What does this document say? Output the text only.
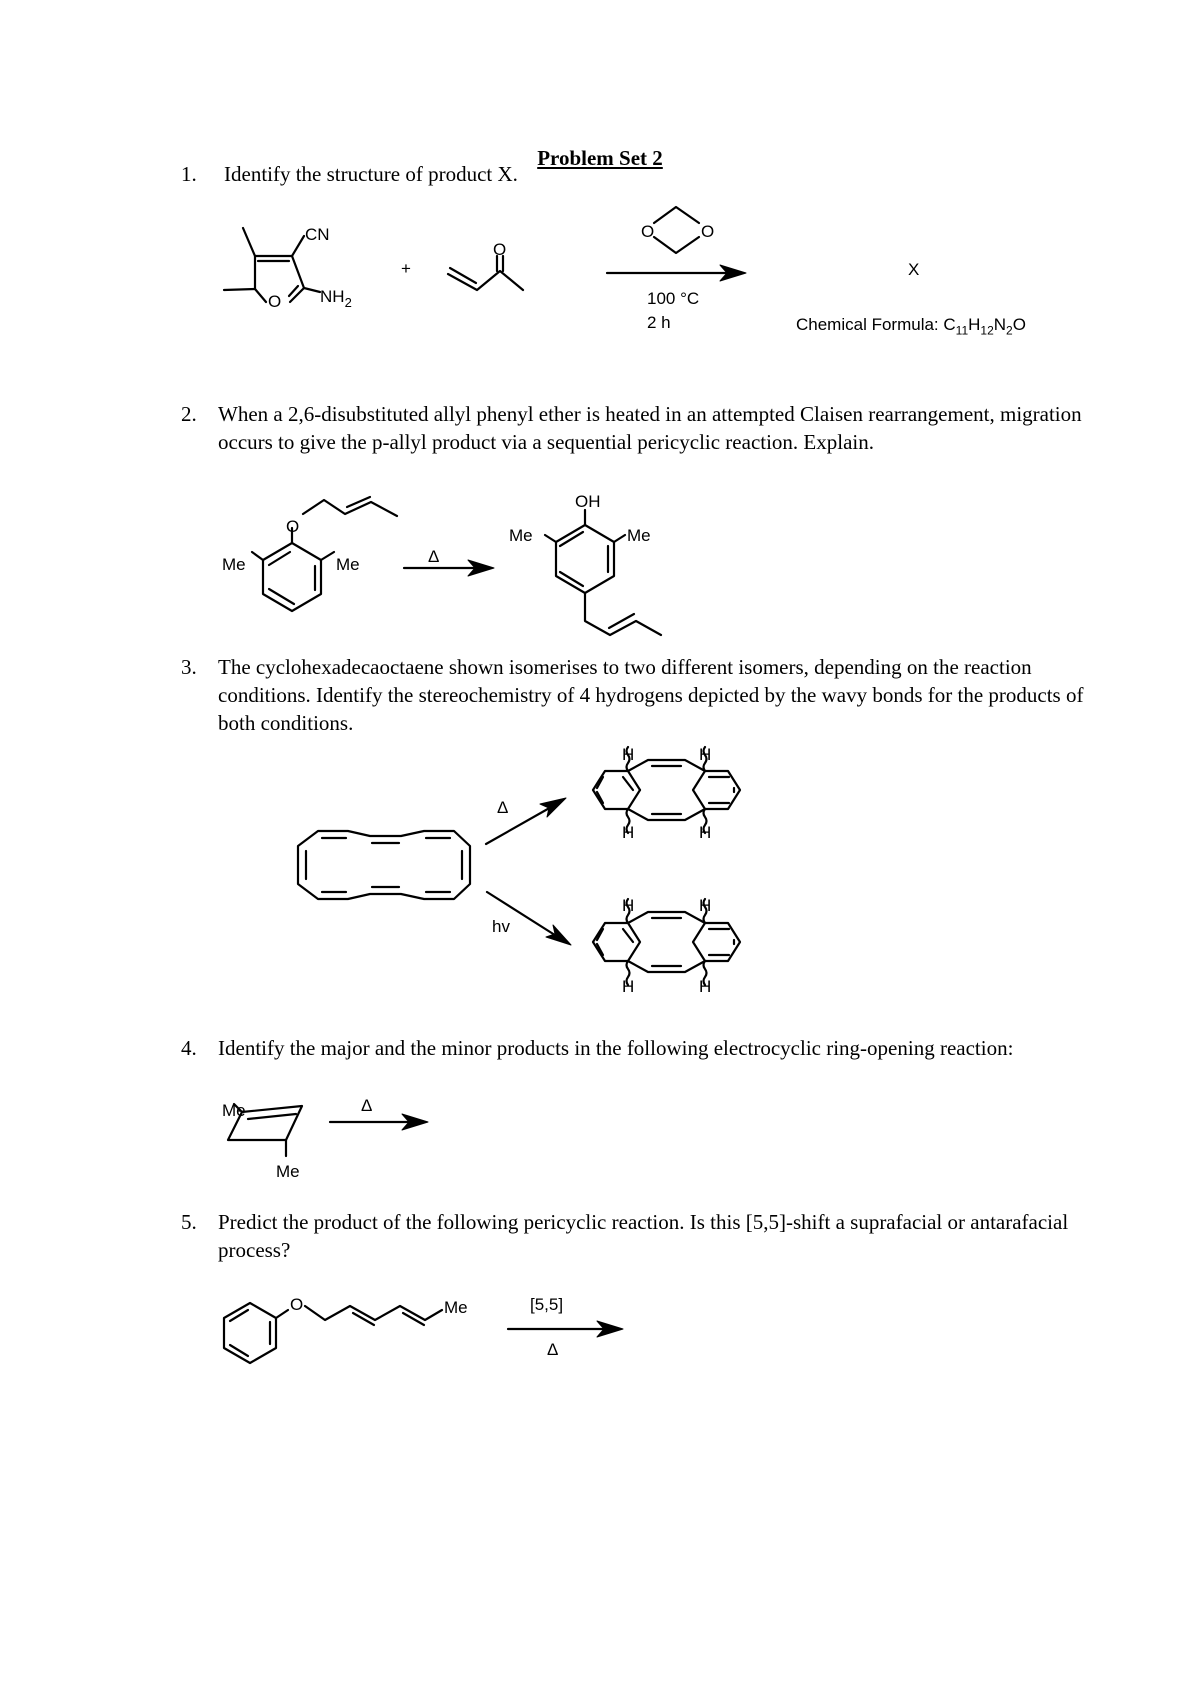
Problem Set 2
1. Identify the structure of product X.
2. When a 2,6-disubstituted allyl phenyl ether is heated in an attempted Claisen rearrangement, migration occurs to give the p-allyl product via a sequential pericyclic reaction. Explain.
3. The cyclohexadecaoctaene shown isomerises to two different isomers, depending on the reaction conditions. Identify the stereochemistry of 4 hydrogens depicted by the wavy bonds for the products of both conditions.
4. Identify the major and the minor products in the following electrocyclic ring-opening reaction:
5. Predict the product of the following pericyclic reaction. Is this [5,5]-shift a suprafacial or antarafacial process?
Chemical Formula: $C_{11}H_{12}N_2O$
O
CN
$NH_2$
+
O
O	O
100 °C
2 h
X
O
Me	Me	Δ
OH
Me	Me
Δ
hv
H	H
H	H
H	H
H	H
Me
Me
Δ
O	Me	[5,5]
Δ
